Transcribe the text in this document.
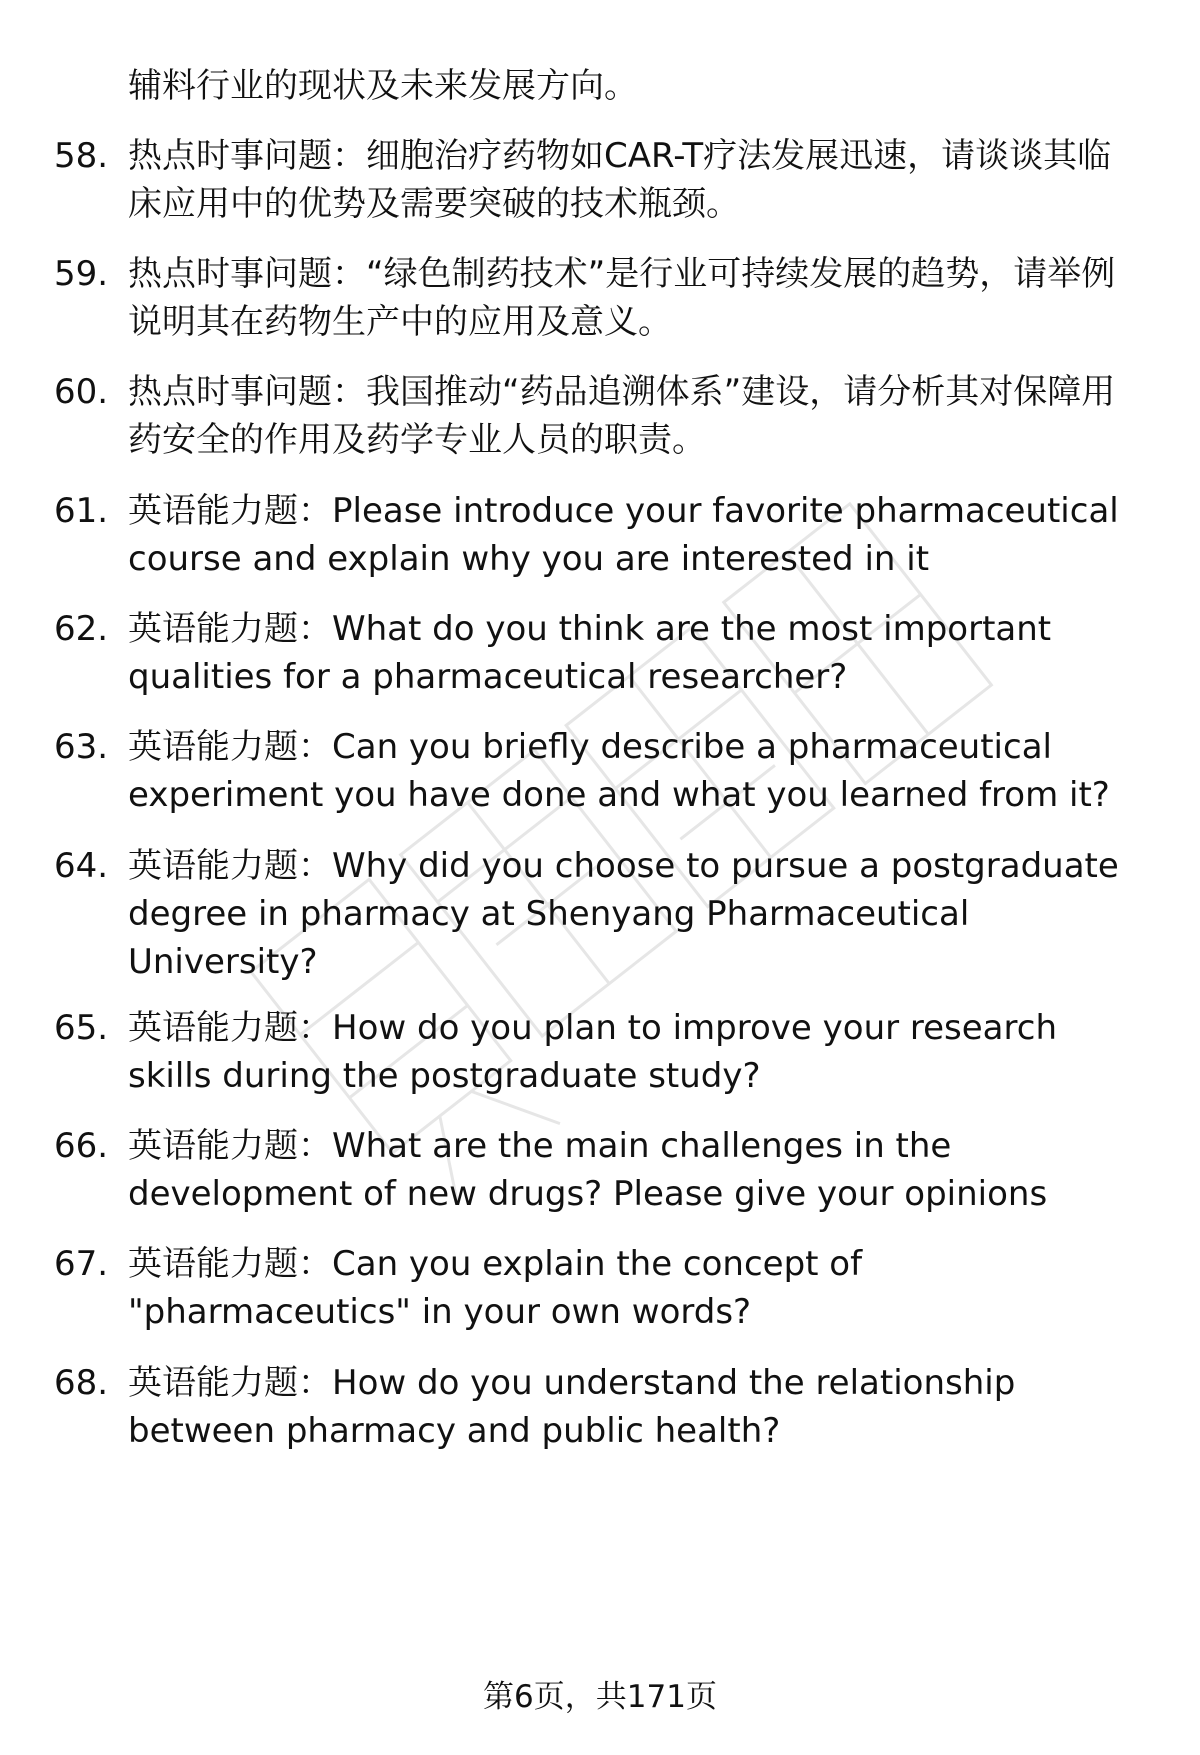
辅料行业的现状及未来发展方向。
58. 热点时事问题：细胞治疗药物如CAR-T疗法发展迅速，请谈谈其临床应用中的优势及需要突破的技术瓶颈。
59. 热点时事问题：“绿色制药技术”是行业可持续发展的趋势，请举例说明其在药物生产中的应用及意义。
60. 热点时事问题：我国推动“药品追溯体系”建设，请分析其对保障用药安全的作用及药学专业人员的职责。
61. 英语能力题：Please introduce your favorite pharmaceutical course and explain why you are interested in it
62. 英语能力题：What do you think are the most important qualities for a pharmaceutical researcher?
63. 英语能力题：Can you briefly describe a pharmaceutical experiment you have done and what you learned from it?
64. 英语能力题：Why did you choose to pursue a postgraduate degree in pharmacy at Shenyang Pharmaceutical University?
65. 英语能力题：How do you plan to improve your research skills during the postgraduate study?
66. 英语能力题：What are the main challenges in the development of new drugs? Please give your opinions
67. 英语能力题：Can you explain the concept of "pharmaceutics" in your own words?
68. 英语能力题：How do you understand the relationship between pharmacy and public health?
第6页，共171页
